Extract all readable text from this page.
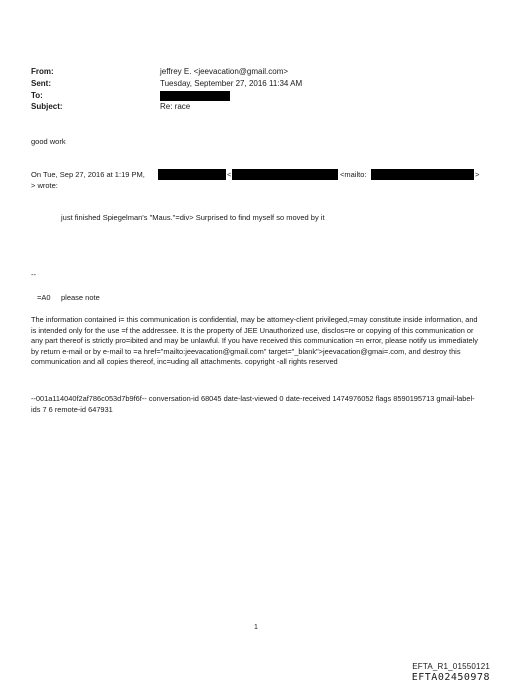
From:	jeffrey E. <jeevacation@gmail.com>
Sent:	Tuesday, September 27, 2016 11:34 AM
To:
Subject:	Re: race
good work
On Tue, Sep 27, 2016 at 1:19 PM,	<	<mailto:	>
> wrote:
just finished Spiegelman's "Maus."=div> Surprised to find myself so moved by it
--
=A0 please note
The information contained i= this communication is confidential, may be attorney-client privileged,=may constitute inside information, and is intended only for the use =f the addressee. It is the property of JEE Unauthorized use, disclos=re or copying of this communication or any part thereof is strictly pro=ibited and may be unlawful. If you have received this communication =n error, please notify us immediately by return e-mail or by e-mail to =a href="mailto:jeevacation@gmail.com" target="_blank">jeevacation@gmai=.com, and destroy this communication and all copies thereof, inc=uding all attachments. copyright -all rights reserved
--001a114040f2af786c053d7b9f6f-- conversation-id 68045 date-last-viewed 0 date-received 1474976052 flags 8590195713 gmail-label-ids 7 6 remote-id 647931
1
EFTA_R1_01550121
EFTA02450978
